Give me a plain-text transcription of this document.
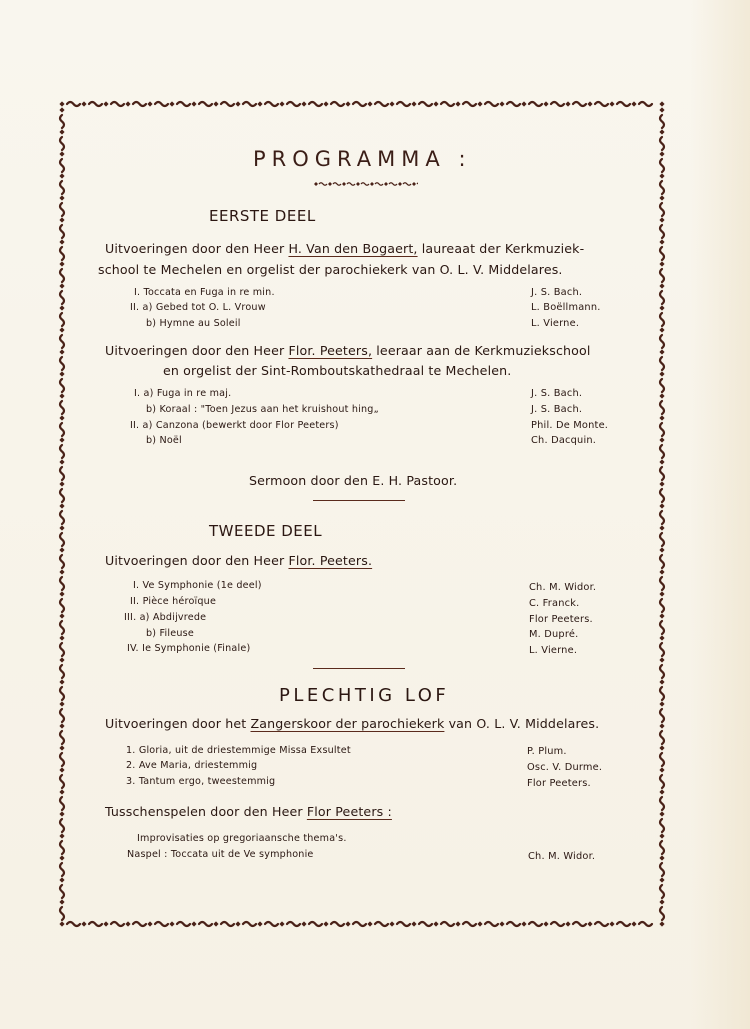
PROGRAMMA :
EERSTE DEEL
Uitvoeringen door den Heer H. Van den Bogaert, laureaat der Kerkmuziek-
school te Mechelen en orgelist der parochiekerk van O. L. V. Middelares.
I. Toccata en Fuga in re min.	J. S. Bach.
II. a) Gebed tot O. L. Vrouw	L. Boëllmann.
b) Hymne au Soleil	L. Vierne.
Uitvoeringen door den Heer Flor. Peeters, leeraar aan de Kerkmuziekschool
en orgelist der Sint-Romboutskathedraal te Mechelen.
I. a) Fuga in re maj.	J. S. Bach.
b) Koraal : "Toen Jezus aan het kruishout hing„	J. S. Bach.
II. a) Canzona (bewerkt door Flor Peeters)	Phil. De Monte.
b) Noël	Ch. Dacquin.
Sermoon door den E. H. Pastoor.
TWEEDE DEEL
Uitvoeringen door den Heer Flor. Peeters.
I. Ve Symphonie (1e deel)	Ch. M. Widor.
II. Pièce héroïque	C. Franck.
III. a) Abdijvrede	Flor Peeters.
b) Fileuse	M. Dupré.
IV. Ie Symphonie (Finale)	L. Vierne.
PLECHTIG LOF
Uitvoeringen door het Zangerskoor der parochiekerk van O. L. V. Middelares.
1. Gloria, uit de driestemmige Missa Exsultet	P. Plum.
2. Ave Maria, driestemmig	Osc. V. Durme.
3. Tantum ergo, tweestemmig	Flor Peeters.
Tusschenspelen door den Heer Flor Peeters :
Improvisaties op gregoriaansche thema's.
Naspel : Toccata uit de Ve symphonie	Ch. M. Widor.
